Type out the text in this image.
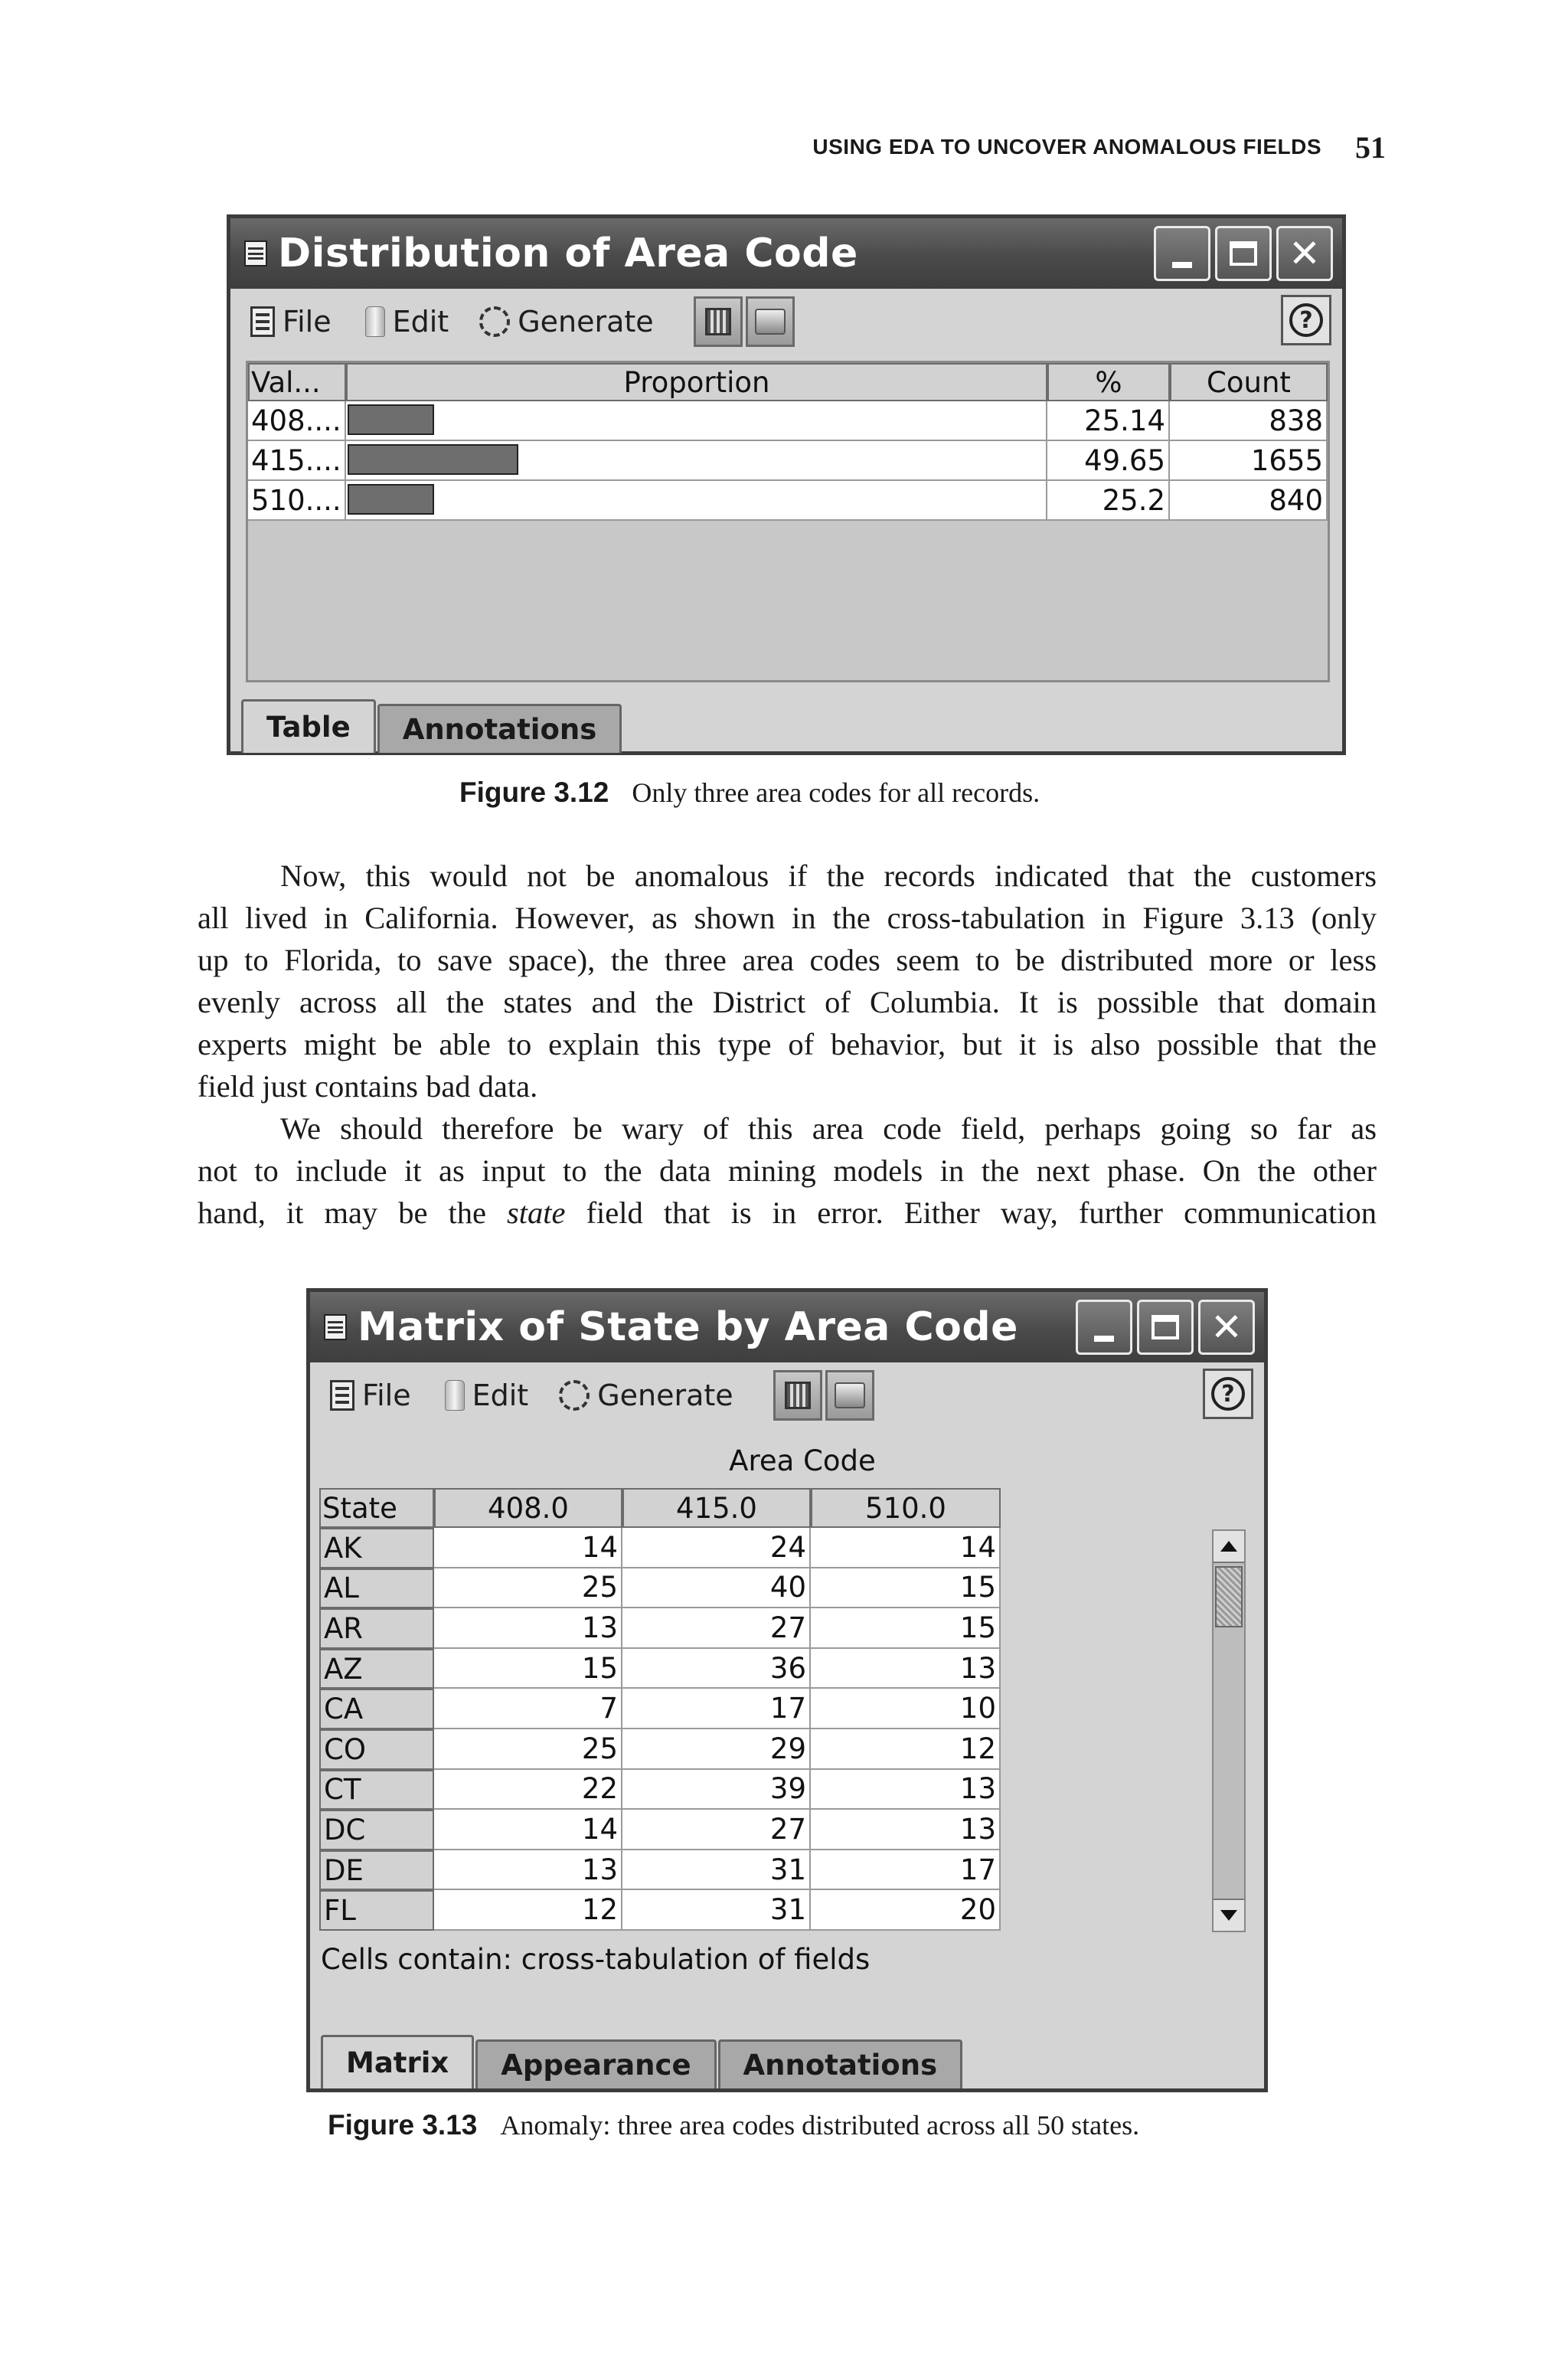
USING EDA TO UNCOVER ANOMALOUS FIELDS 51
Distribution of Area Code	✕
File Edit Generate	?
Val...	Proportion	%	Count
408....	25.14	838
415....	49.65	1655
510....	25.2	840
Table Annotations
Figure 3.12 Only three area codes for all records.
Now, this would not be anomalous if the records indicated that the customers
all lived in California. However, as shown in the cross-tabulation in Figure 3.13 (only
up to Florida, to save space), the three area codes seem to be distributed more or less
evenly across all the states and the District of Columbia. It is possible that domain
experts might be able to explain this type of behavior, but it is also possible that the
field just contains bad data.
We should therefore be wary of this area code field, perhaps going so far as
not to include it as input to the data mining models in the next phase. On the other
hand, it may be the state field that is in error. Either way, further communication
Matrix of State by Area Code	✕
File Edit Generate	?
Area Code
State	408.0	415.0	510.0
AK	14	24	14
AL	25	40	15
AR	13	27	15
AZ	15	36	13
CA	7	17	10
CO	25	29	12
CT	22	39	13
DC	14	27	13
DE	13	31	17
FL	12	31	20
Cells contain: cross-tabulation of fields
Matrix Appearance Annotations
Figure 3.13 Anomaly: three area codes distributed across all 50 states.
